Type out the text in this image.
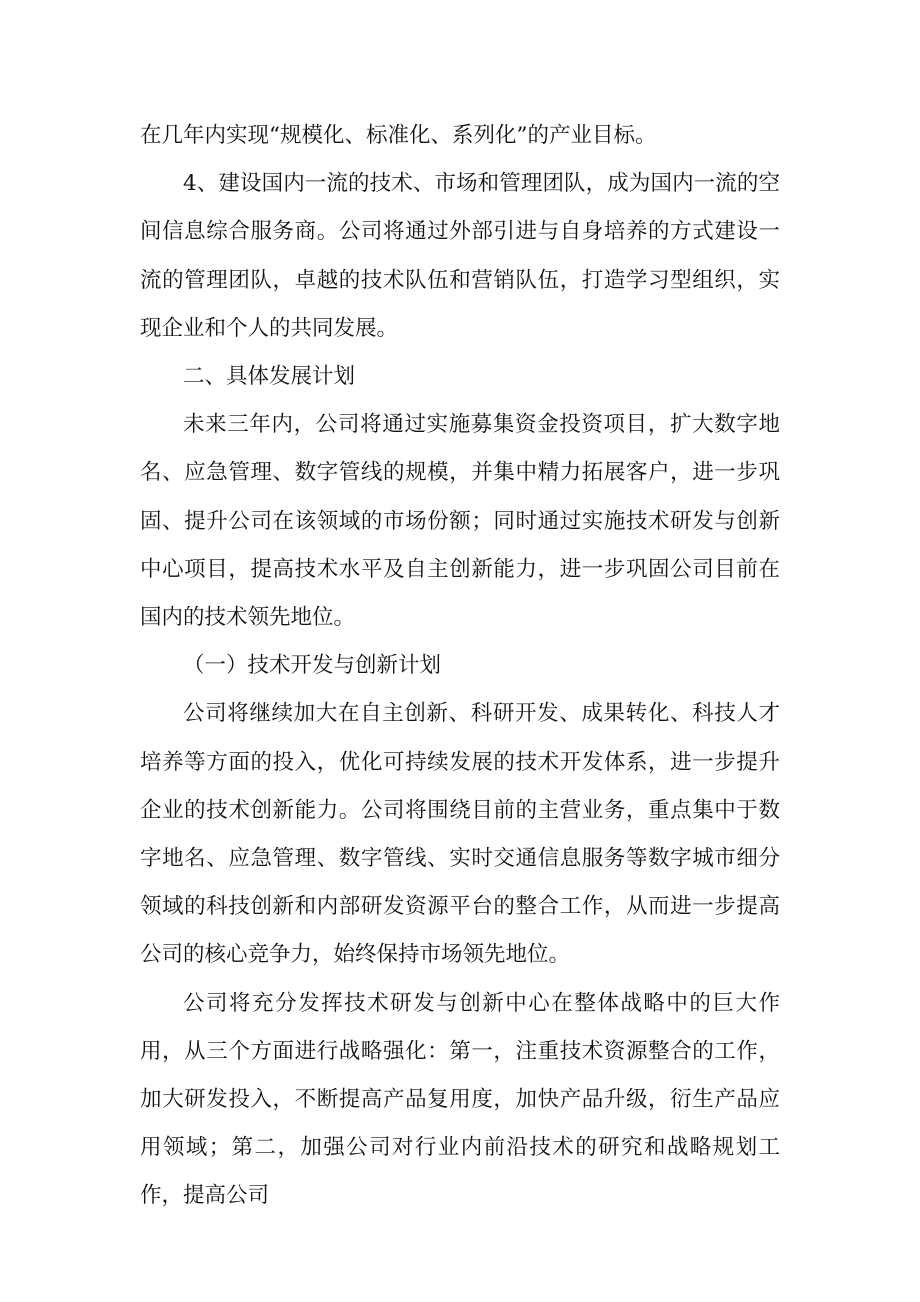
在几年内实现“规模化、标准化、系列化”的产业目标。

4、建设国内一流的技术、市场和管理团队，成为国内一流的空间信息综合服务商。公司将通过外部引进与自身培养的方式建设一流的管理团队，卓越的技术队伍和营销队伍，打造学习型组织，实现企业和个人的共同发展。

二、具体发展计划

未来三年内，公司将通过实施募集资金投资项目，扩大数字地名、应急管理、数字管线的规模，并集中精力拓展客户，进一步巩固、提升公司在该领域的市场份额；同时通过实施技术研发与创新中心项目，提高技术水平及自主创新能力，进一步巩固公司目前在国内的技术领先地位。

（一）技术开发与创新计划

公司将继续加大在自主创新、科研开发、成果转化、科技人才培养等方面的投入，优化可持续发展的技术开发体系，进一步提升企业的技术创新能力。公司将围绕目前的主营业务，重点集中于数字地名、应急管理、数字管线、实时交通信息服务等数字城市细分领域的科技创新和内部研发资源平台的整合工作，从而进一步提高公司的核心竞争力，始终保持市场领先地位。

公司将充分发挥技术研发与创新中心在整体战略中的巨大作用，从三个方面进行战略强化：第一，注重技术资源整合的工作，加大研发投入，不断提高产品复用度，加快产品升级，衍生产品应用领域；第二，加强公司对行业内前沿技术的研究和战略规划工作，提高公司
